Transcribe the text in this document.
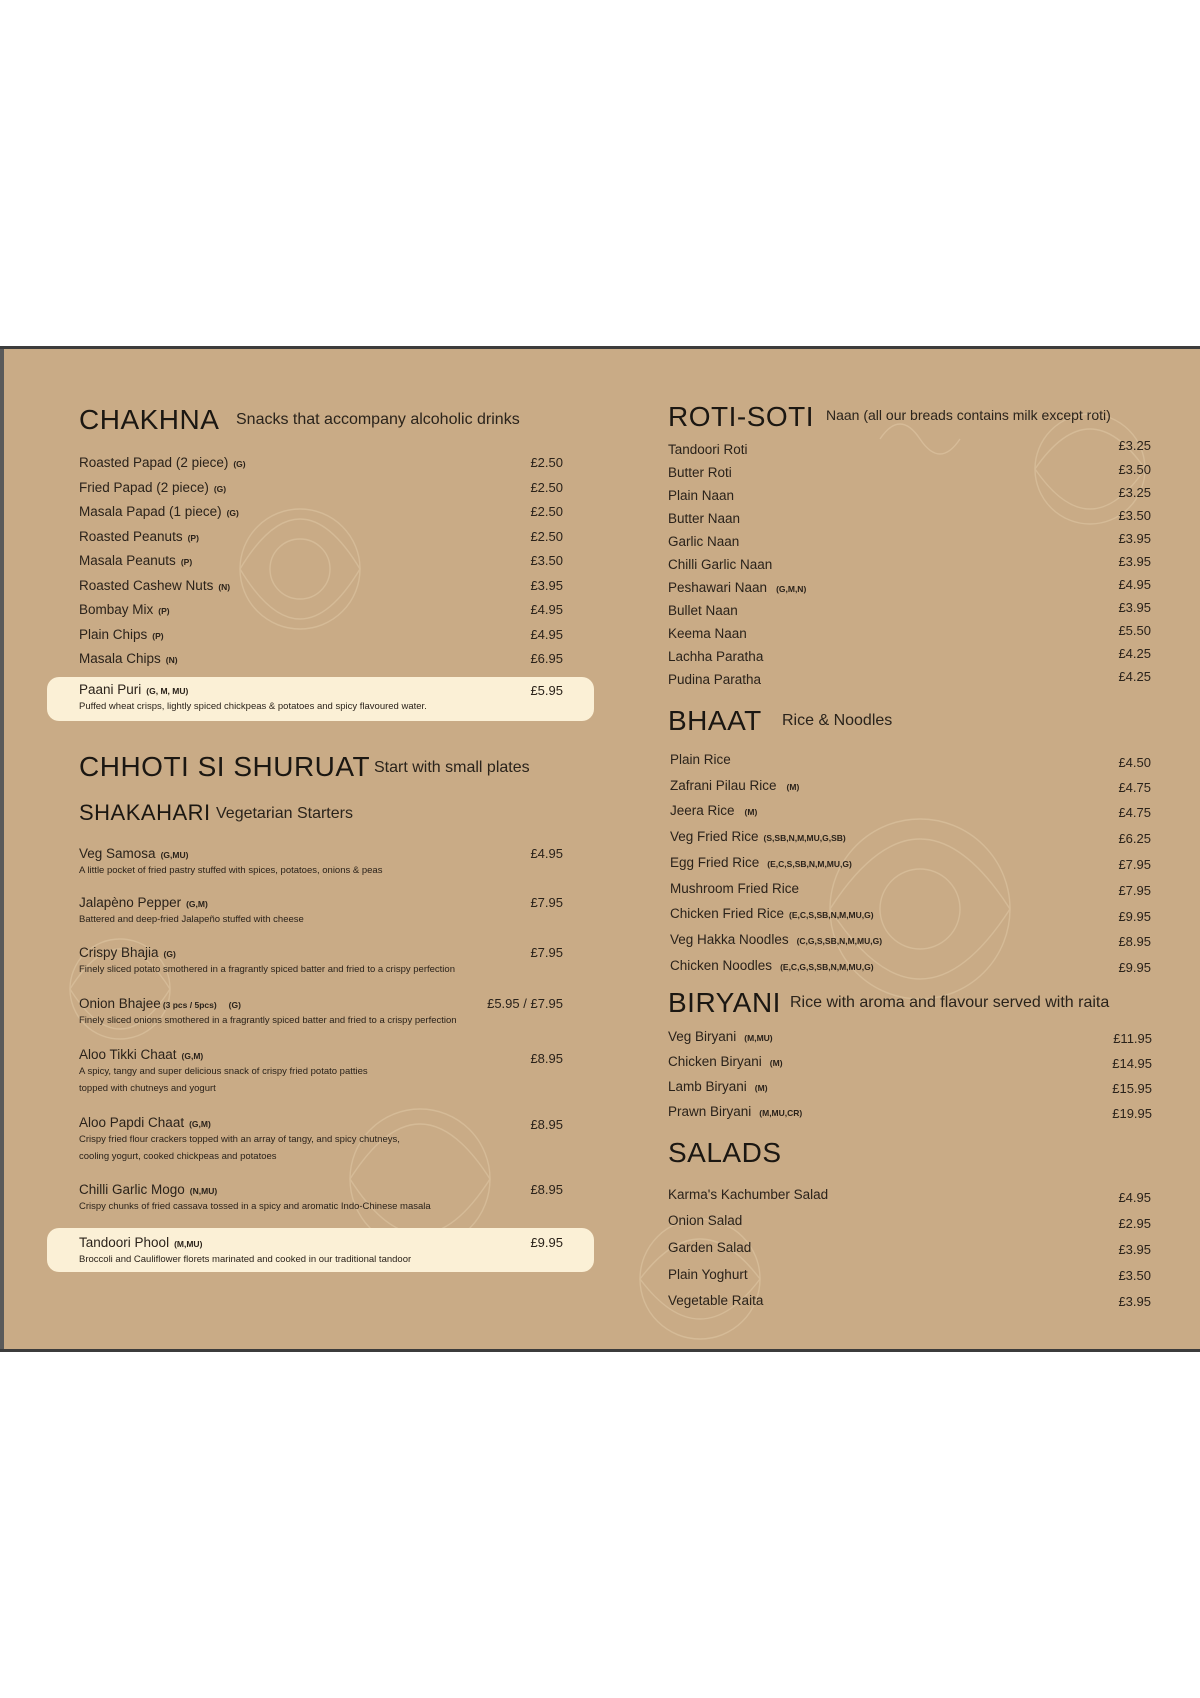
CHAKHNA Snacks that accompany alcoholic drinks
Roasted Papad (2 piece) (G)	£2.50
Fried Papad (2 piece) (G)	£2.50
Masala Papad (1 piece) (G)	£2.50
Roasted Peanuts (P)	£2.50
Masala Peanuts (P)	£3.50
Roasted Cashew Nuts (N)	£3.95
Bombay Mix (P)	£4.95
Plain Chips (P)	£4.95
Masala Chips (N)	£6.95
Paani Puri (G, M, MU)	£5.95
Puffed wheat crisps, lightly spiced chickpeas & potatoes and spicy flavoured water.
CHHOTI SI SHURUAT Start with small plates
SHAKAHARI Vegetarian Starters
Veg Samosa (G,MU)	£4.95
A little pocket of fried pastry stuffed with spices, potatoes, onions & peas
Jalapèno Pepper (G,M)	£7.95
Battered and deep-fried Jalapeño stuffed with cheese
Crispy Bhajia (G)	£7.95
Finely sliced potato smothered in a fragrantly spiced batter and fried to a crispy perfection
Onion Bhajee (3 pcs / 5pcs) (G)	£5.95 / £7.95
Finely sliced onions smothered in a fragrantly spiced batter and fried to a crispy perfection
Aloo Tikki Chaat (G,M)	£8.95
A spicy, tangy and super delicious snack of crispy fried potato patties
topped with chutneys and yogurt
Aloo Papdi Chaat (G,M)	£8.95
Crispy fried flour crackers topped with an array of tangy, and spicy chutneys,
cooling yogurt, cooked chickpeas and potatoes
Chilli Garlic Mogo (N,MU)	£8.95
Crispy chunks of fried cassava tossed in a spicy and aromatic Indo-Chinese masala
Tandoori Phool (M,MU)	£9.95
Broccoli and Cauliflower florets marinated and cooked in our traditional tandoor
ROTI-SOTI Naan (all our breads contains milk except roti)
Tandoori Roti	£3.25
Butter Roti	£3.50
Plain Naan	£3.25
Butter Naan	£3.50
Garlic Naan	£3.95
Chilli Garlic Naan	£3.95
Peshawari Naan (G,M,N)	£4.95
Bullet Naan	£3.95
Keema Naan	£5.50
Lachha Paratha	£4.25
Pudina Paratha	£4.25
BHAAT Rice & Noodles
Plain Rice	£4.50
Zafrani Pilau Rice (M)	£4.75
Jeera Rice (M)	£4.75
Veg Fried Rice (S,SB,N,M,MU,G,SB)	£6.25
Egg Fried Rice (E,C,S,SB,N,M,MU,G)	£7.95
Mushroom Fried Rice	£7.95
Chicken Fried Rice (E,C,S,SB,N,M,MU,G)	£9.95
Veg Hakka Noodles (C,G,S,SB,N,M,MU,G)	£8.95
Chicken Noodles (E,C,G,S,SB,N,M,MU,G)	£9.95
BIRYANI Rice with aroma and flavour served with raita
Veg Biryani (M,MU)	£11.95
Chicken Biryani (M)	£14.95
Lamb Biryani (M)	£15.95
Prawn Biryani (M,MU,CR)	£19.95
SALADS
Karma's Kachumber Salad	£4.95
Onion Salad	£2.95
Garden Salad	£3.95
Plain Yoghurt	£3.50
Vegetable Raita	£3.95
